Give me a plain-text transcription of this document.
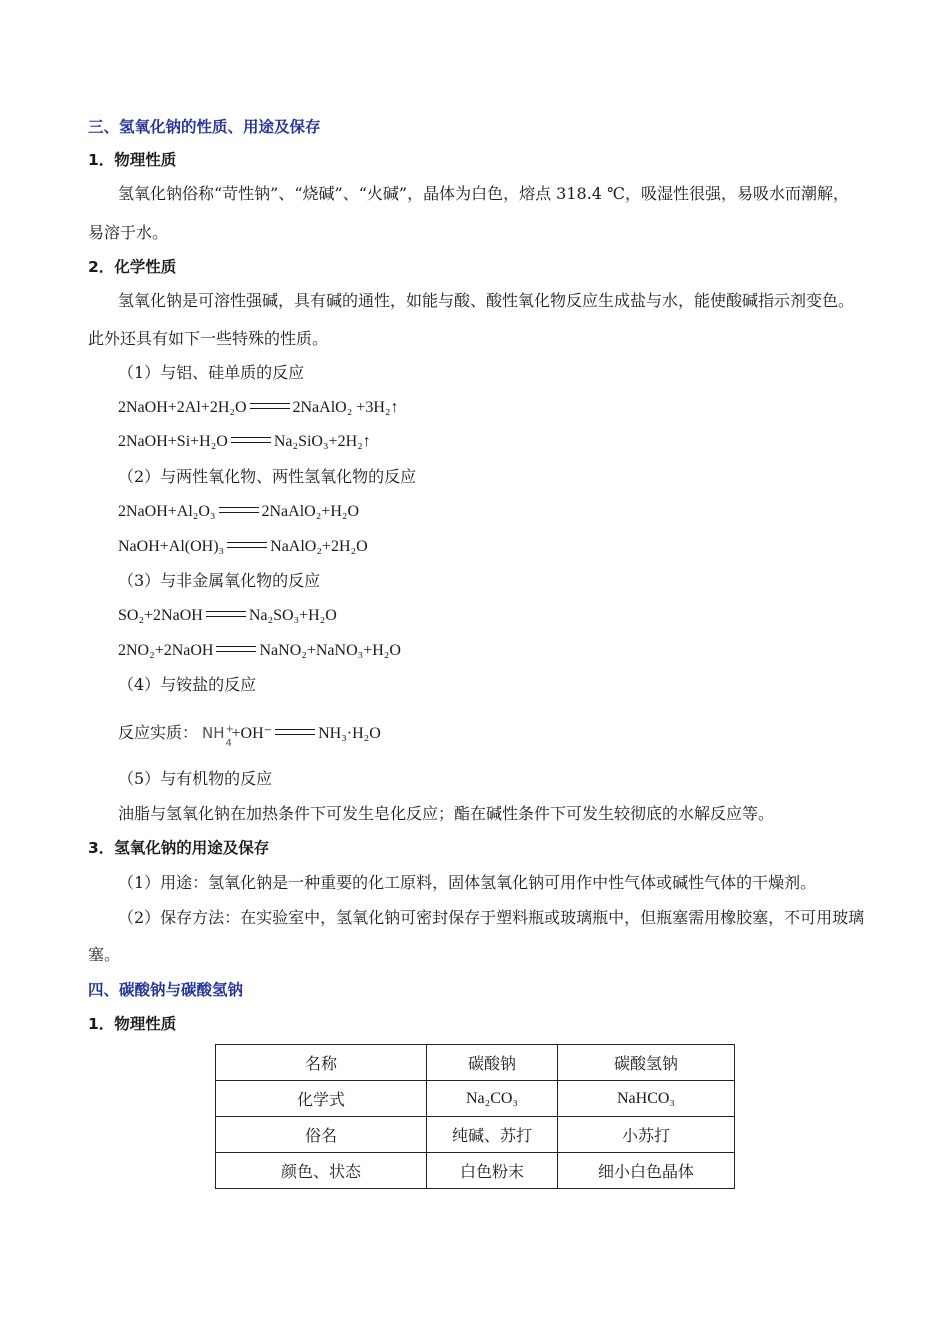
三、氢氧化钠的性质、用途及保存
1．物理性质
氢氧化钠俗称“苛性钠”、“烧碱”、“火碱”，晶体为白色，熔点 318.4 ℃，吸湿性很强，易吸水而潮解，
易溶于水。
2．化学性质
氢氧化钠是可溶性强碱，具有碱的通性，如能与酸、酸性氧化物反应生成盐与水，能使酸碱指示剂变色。
此外还具有如下一些特殊的性质。
（1）与铝、硅单质的反应
2NaOH+2Al+2H₂O	2NaAlO₂ +3H₂↑
2NaOH+Si+H₂O	Na₂SiO₃+2H₂↑
（2）与两性氧化物、两性氢氧化物的反应
2NaOH+Al₂O₃	2NaAlO₂+H₂O
NaOH+Al(OH)₃	NaAlO₂+2H₂O
（3）与非金属氧化物的反应
SO₂+2NaOH	Na₂SO₃+H₂O
2NO₂+2NaOH	NaNO₂+NaNO₃+H₂O
（4）与铵盐的反应
反应实质： NH +
4
+OH⁻	NH₃·H₂O
（5）与有机物的反应
油脂与氢氧化钠在加热条件下可发生皂化反应；酯在碱性条件下可发生较彻底的水解反应等。
3．氢氧化钠的用途及保存
（1）用途：氢氧化钠是一种重要的化工原料，固体氢氧化钠可用作中性气体或碱性气体的干燥剂。
（2）保存方法：在实验室中，氢氧化钠可密封保存于塑料瓶或玻璃瓶中，但瓶塞需用橡胶塞，不可用玻璃
塞。
四、碳酸钠与碳酸氢钠
1．物理性质
名称	碳酸钠	碳酸氢钠
化学式	Na₂CO₃	NaHCO₃
俗名	纯碱、苏打	小苏打
颜色、状态	白色粉末	细小白色晶体
